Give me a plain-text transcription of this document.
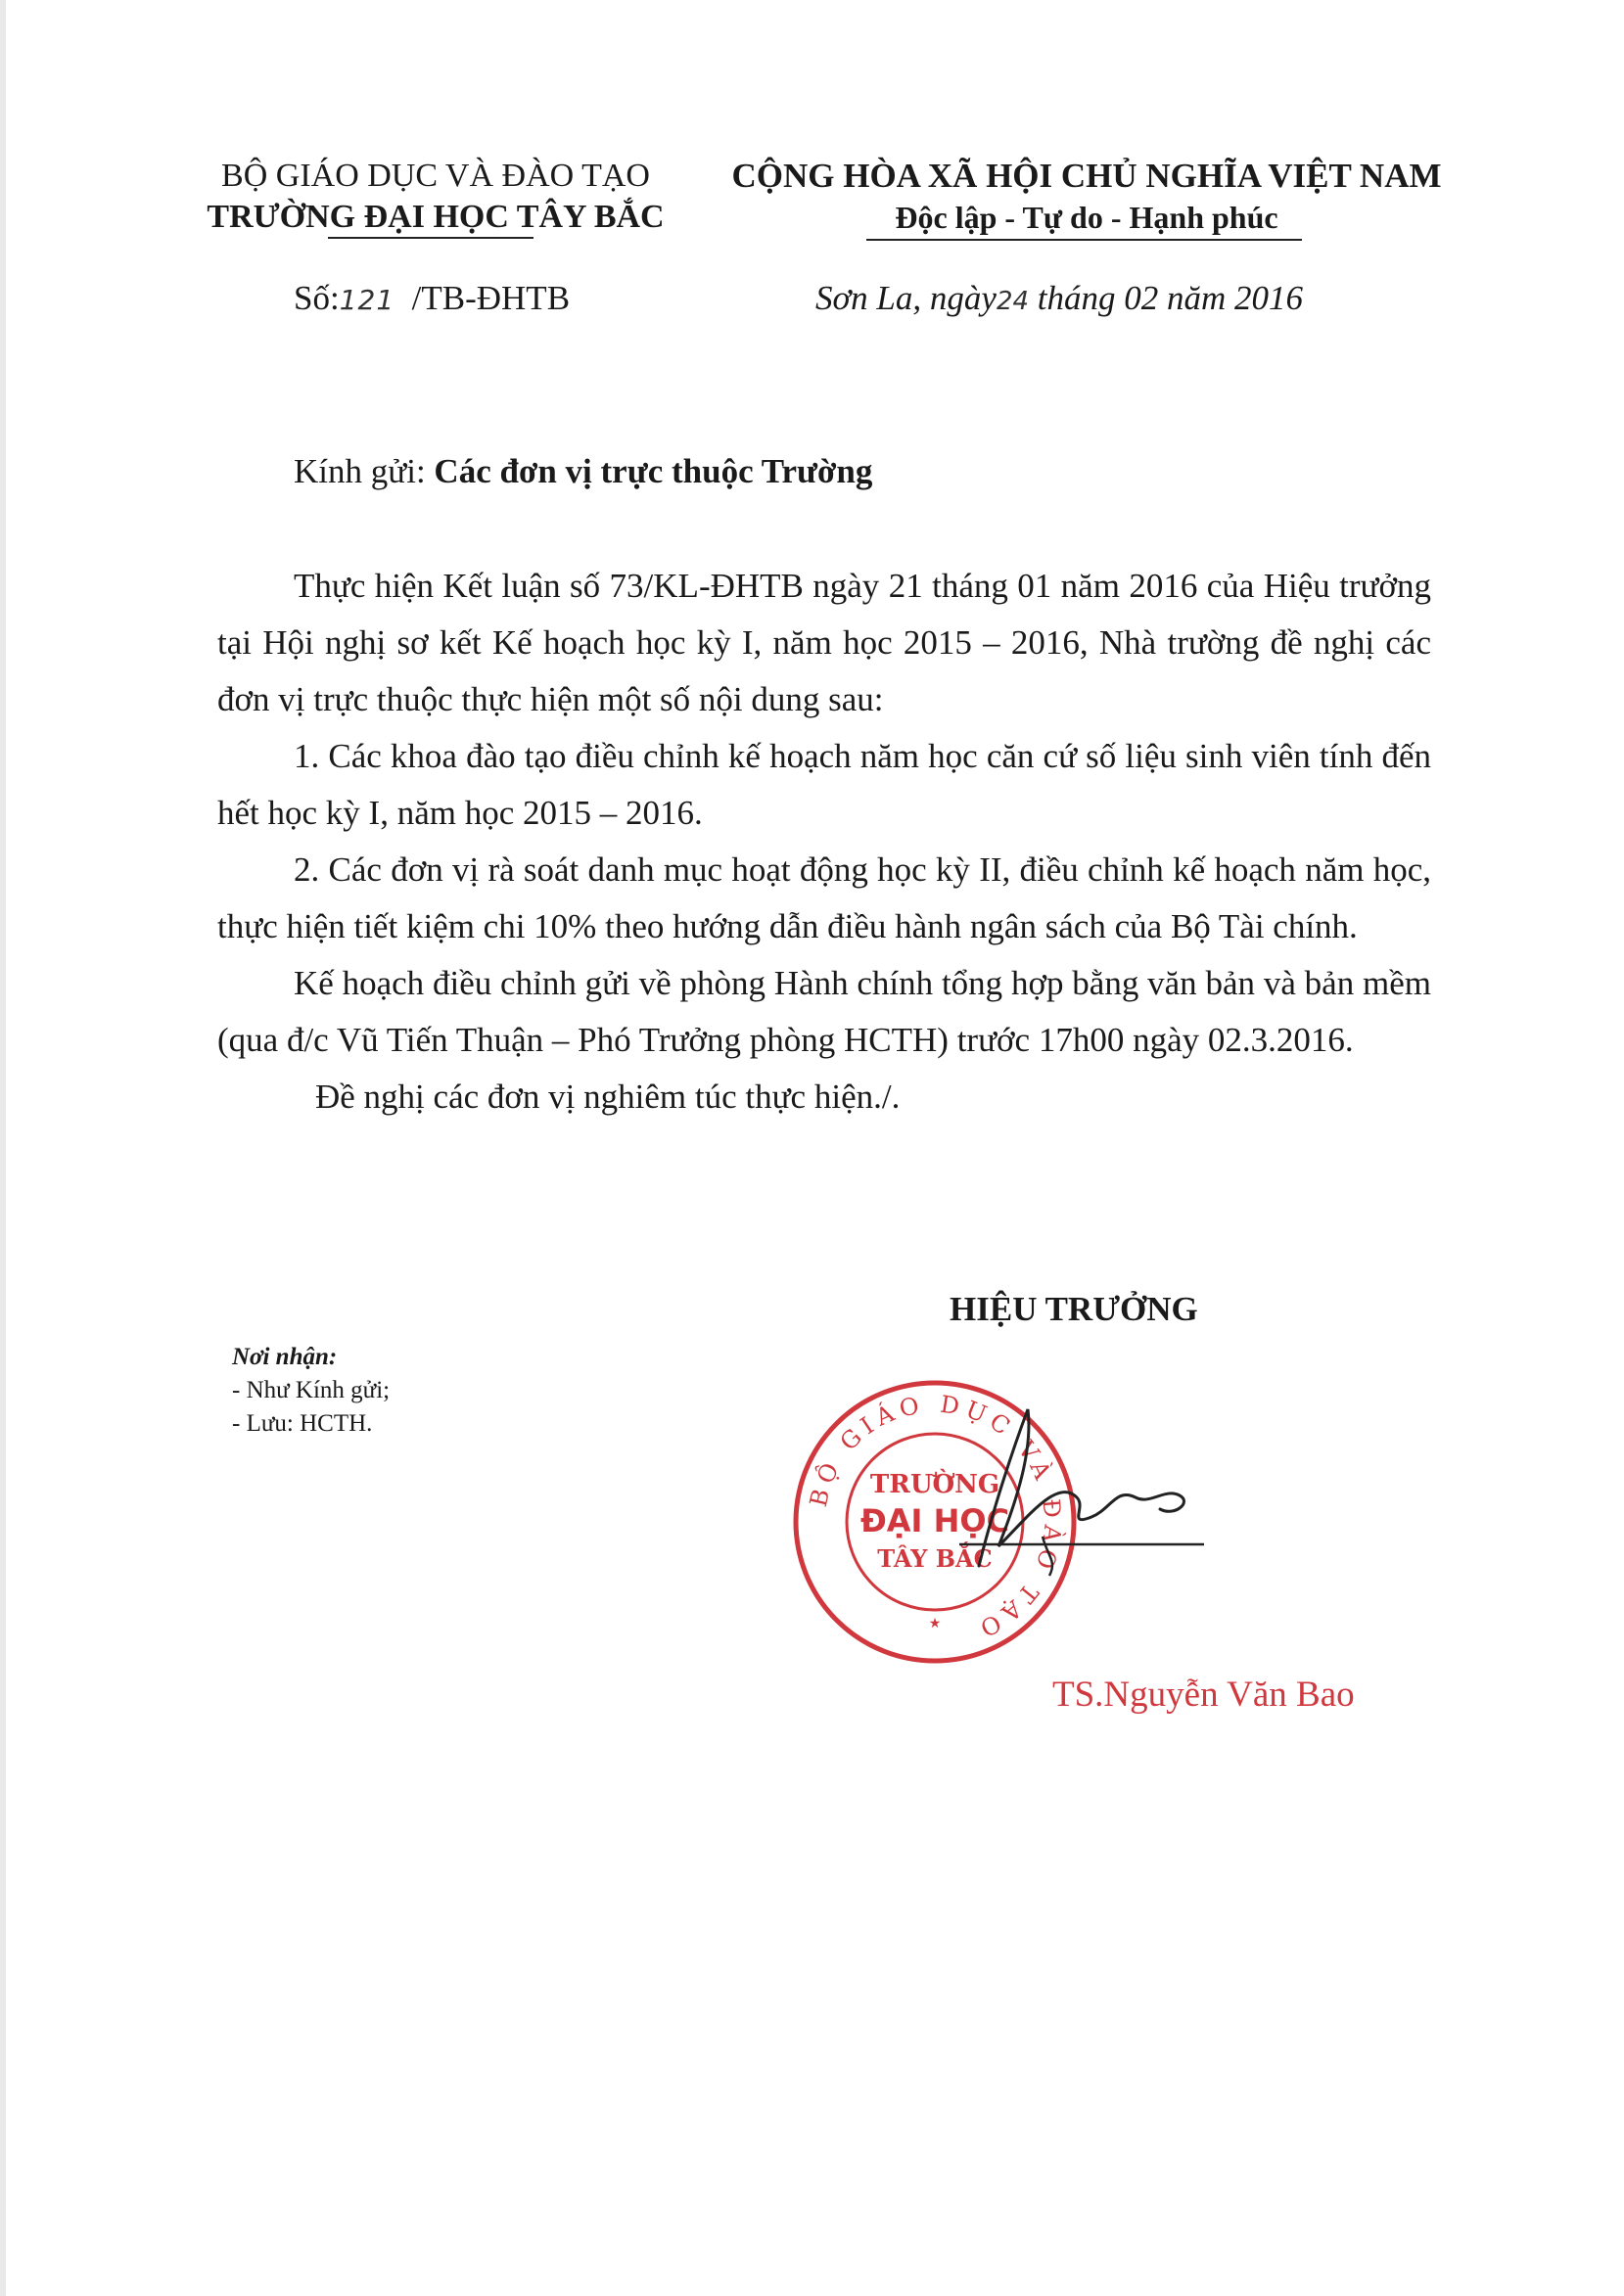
BỘ GIÁO DỤC VÀ ĐÀO TẠO
TRƯỜNG ĐẠI HỌC TÂY BẮC
CỘNG HÒA XÃ HỘI CHỦ NGHĨA VIỆT NAM
Độc lập - Tự do - Hạnh phúc
Số:121 /TB-ĐHTB	Sơn La, ngày24 tháng 02 năm 2016
Kính gửi: Các đơn vị trực thuộc Trường

Thực hiện Kết luận số 73/KL-ĐHTB ngày 21 tháng 01 năm 2016 của Hiệu trưởng tại Hội nghị sơ kết Kế hoạch học kỳ I, năm học 2015 – 2016, Nhà trường đề nghị các đơn vị trực thuộc thực hiện một số nội dung sau:

1. Các khoa đào tạo điều chỉnh kế hoạch năm học căn cứ số liệu sinh viên tính đến hết học kỳ I, năm học 2015 – 2016.

2. Các đơn vị rà soát danh mục hoạt động học kỳ II, điều chỉnh kế hoạch năm học, thực hiện tiết kiệm chi 10% theo hướng dẫn điều hành ngân sách của Bộ Tài chính.

Kế hoạch điều chỉnh gửi về phòng Hành chính tổng hợp bằng văn bản và bản mềm (qua đ/c Vũ Tiến Thuận – Phó Trưởng phòng HCTH) trước 17h00 ngày 02.3.2016.

Đề nghị các đơn vị nghiêm túc thực hiện./.

HIỆU TRƯỞNG
Nơi nhận:
- Như Kính gửi;
- Lưu: HCTH.
BỘ GIÁO DỤC VÀ ĐÀO TẠO
TRƯỜNG
ĐẠI HỌC
TÂY BẮC
★
TS.Nguyễn Văn Bao
